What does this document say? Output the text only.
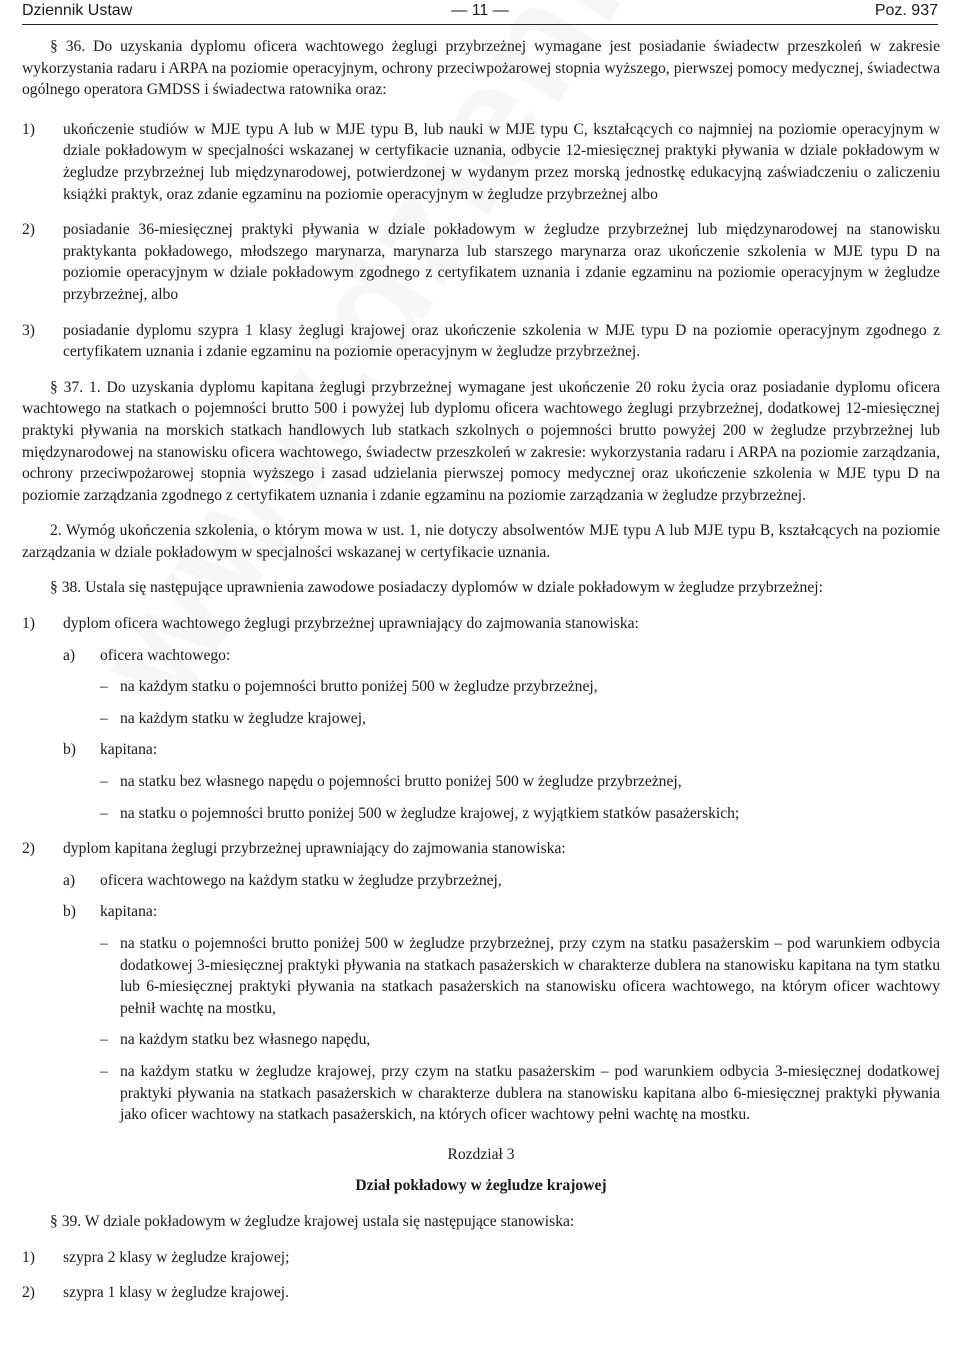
Dziennik Ustaw	— 11 —	Poz. 937

§ 36. Do uzyskania dyplomu oficera wachtowego żeglugi przybrzeżnej wymagane jest posiadanie świadectw przeszkoleń w zakresie wykorzystania radaru i ARPA na poziomie operacyjnym, ochrony przeciwpożarowej stopnia wyższego, pierwszej pomocy medycznej, świadectwa ogólnego operatora GMDSS i świadectwa ratownika oraz:

1) ukończenie studiów w MJE typu A lub w MJE typu B, lub nauki w MJE typu C, kształcących co najmniej na poziomie operacyjnym w dziale pokładowym w specjalności wskazanej w certyfikacie uznania, odbycie 12-miesięcznej praktyki pływania w dziale pokładowym w żegludze przybrzeżnej lub międzynarodowej, potwierdzonej w wydanym przez morską jednostkę edukacyjną zaświadczeniu o zaliczeniu książki praktyk, oraz zdanie egzaminu na poziomie operacyjnym w żegludze przybrzeżnej albo
2) posiadanie 36-miesięcznej praktyki pływania w dziale pokładowym w żegludze przybrzeżnej lub międzynarodowej na stanowisku praktykanta pokładowego, młodszego marynarza, marynarza lub starszego marynarza oraz ukończenie szkolenia w MJE typu D na poziomie operacyjnym w dziale pokładowym zgodnego z certyfikatem uznania i zdanie egzaminu na poziomie operacyjnym w żegludze przybrzeżnej, albo
3) posiadanie dyplomu szypra 1 klasy żeglugi krajowej oraz ukończenie szkolenia w MJE typu D na poziomie operacyjnym zgodnego z certyfikatem uznania i zdanie egzaminu na poziomie operacyjnym w żegludze przybrzeżnej.

§ 37. 1. Do uzyskania dyplomu kapitana żeglugi przybrzeżnej wymagane jest ukończenie 20 roku życia oraz posiadanie dyplomu oficera wachtowego na statkach o pojemności brutto 500 i powyżej lub dyplomu oficera wachtowego żeglugi przybrzeżnej, dodatkowej 12-miesięcznej praktyki pływania na morskich statkach handlowych lub statkach szkolnych o pojemności brutto powyżej 200 w żegludze przybrzeżnej lub międzynarodowej na stanowisku oficera wachtowego, świadectw przeszkoleń w zakresie: wykorzystania radaru i ARPA na poziomie zarządzania, ochrony przeciwpożarowej stopnia wyższego i zasad udzielania pierwszej pomocy medycznej oraz ukończenie szkolenia w MJE typu D na poziomie zarządzania zgodnego z certyfikatem uznania i zdanie egzaminu na poziomie zarządzania w żegludze przybrzeżnej.

2. Wymóg ukończenia szkolenia, o którym mowa w ust. 1, nie dotyczy absolwentów MJE typu A lub MJE typu B, kształcących na poziomie zarządzania w dziale pokładowym w specjalności wskazanej w certyfikacie uznania.

§ 38. Ustala się następujące uprawnienia zawodowe posiadaczy dyplomów w dziale pokładowym w żegludze przybrzeżnej:

1) dyplom oficera wachtowego żeglugi przybrzeżnej uprawniający do zajmowania stanowiska:
a) oficera wachtowego:
– na każdym statku o pojemności brutto poniżej 500 w żegludze przybrzeżnej,
– na każdym statku w żegludze krajowej,
b) kapitana:
– na statku bez własnego napędu o pojemności brutto poniżej 500 w żegludze przybrzeżnej,
– na statku o pojemności brutto poniżej 500 w żegludze krajowej, z wyjątkiem statków pasażerskich;
2) dyplom kapitana żeglugi przybrzeżnej uprawniający do zajmowania stanowiska:
a) oficera wachtowego na każdym statku w żegludze przybrzeżnej,
b) kapitana:
– na statku o pojemności brutto poniżej 500 w żegludze przybrzeżnej, przy czym na statku pasażerskim – pod warunkiem odbycia dodatkowej 3-miesięcznej praktyki pływania na statkach pasażerskich w charakterze dublera na stanowisku kapitana na tym statku lub 6-miesięcznej praktyki pływania na statkach pasażerskich na stanowisku oficera wachtowego, na którym oficer wachtowy pełnił wachtę na mostku,
– na każdym statku bez własnego napędu,
– na każdym statku w żegludze krajowej, przy czym na statku pasażerskim – pod warunkiem odbycia 3-miesięcznej dodatkowej praktyki pływania na statkach pasażerskich w charakterze dublera na stanowisku kapitana albo 6-miesięcznej praktyki pływania jako oficer wachtowy na statkach pasażerskich, na których oficer wachtowy pełni wachtę na mostku.

Rozdział 3

Dział pokładowy w żegludze krajowej

§ 39. W dziale pokładowym w żegludze krajowej ustala się następujące stanowiska:

1) szypra 2 klasy w żegludze krajowej;
2) szypra 1 klasy w żegludze krajowej.
